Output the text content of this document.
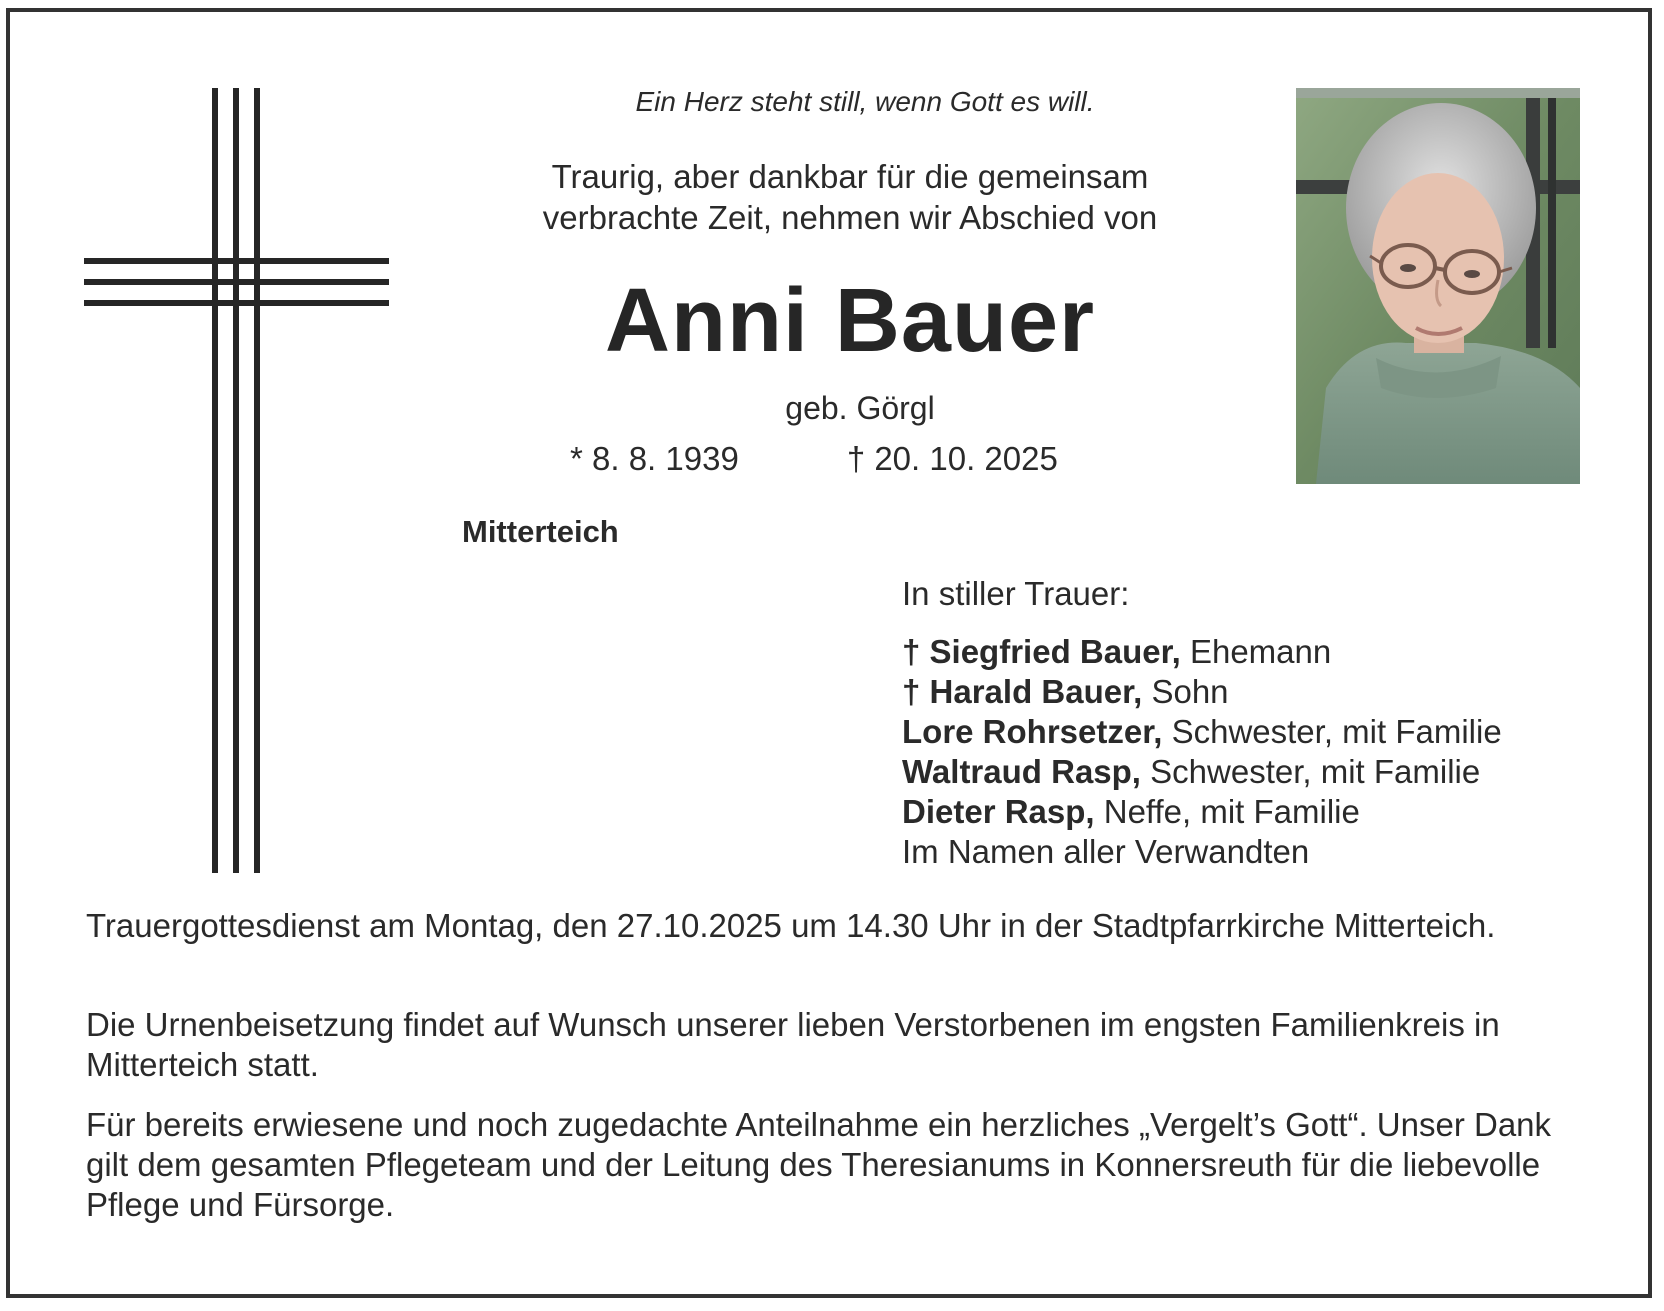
Ein Herz steht still, wenn Gott es will.
Traurig, aber dankbar für die gemeinsam
verbrachte Zeit, nehmen wir Abschied von
Anni Bauer
geb. Görgl
* 8. 8. 1939	† 20. 10. 2025
Mitterteich
In stiller Trauer:
† Siegfried Bauer, Ehemann
† Harald Bauer, Sohn
Lore Rohrsetzer, Schwester, mit Familie
Waltraud Rasp, Schwester, mit Familie
Dieter Rasp, Neffe, mit Familie
Im Namen aller Verwandten
Trauergottesdienst am Montag, den 27.10.2025 um 14.30 Uhr in der Stadtpfarrkirche Mitterteich.
Die Urnenbeisetzung findet auf Wunsch unserer lieben Verstorbenen im engsten Familienkreis in Mitterteich statt.
Für bereits erwiesene und noch zugedachte Anteilnahme ein herzliches „Vergelt’s Gott“. Unser Dank gilt dem gesamten Pflegeteam und der Leitung des Theresianums in Konnersreuth für die liebevolle Pflege und Fürsorge.
